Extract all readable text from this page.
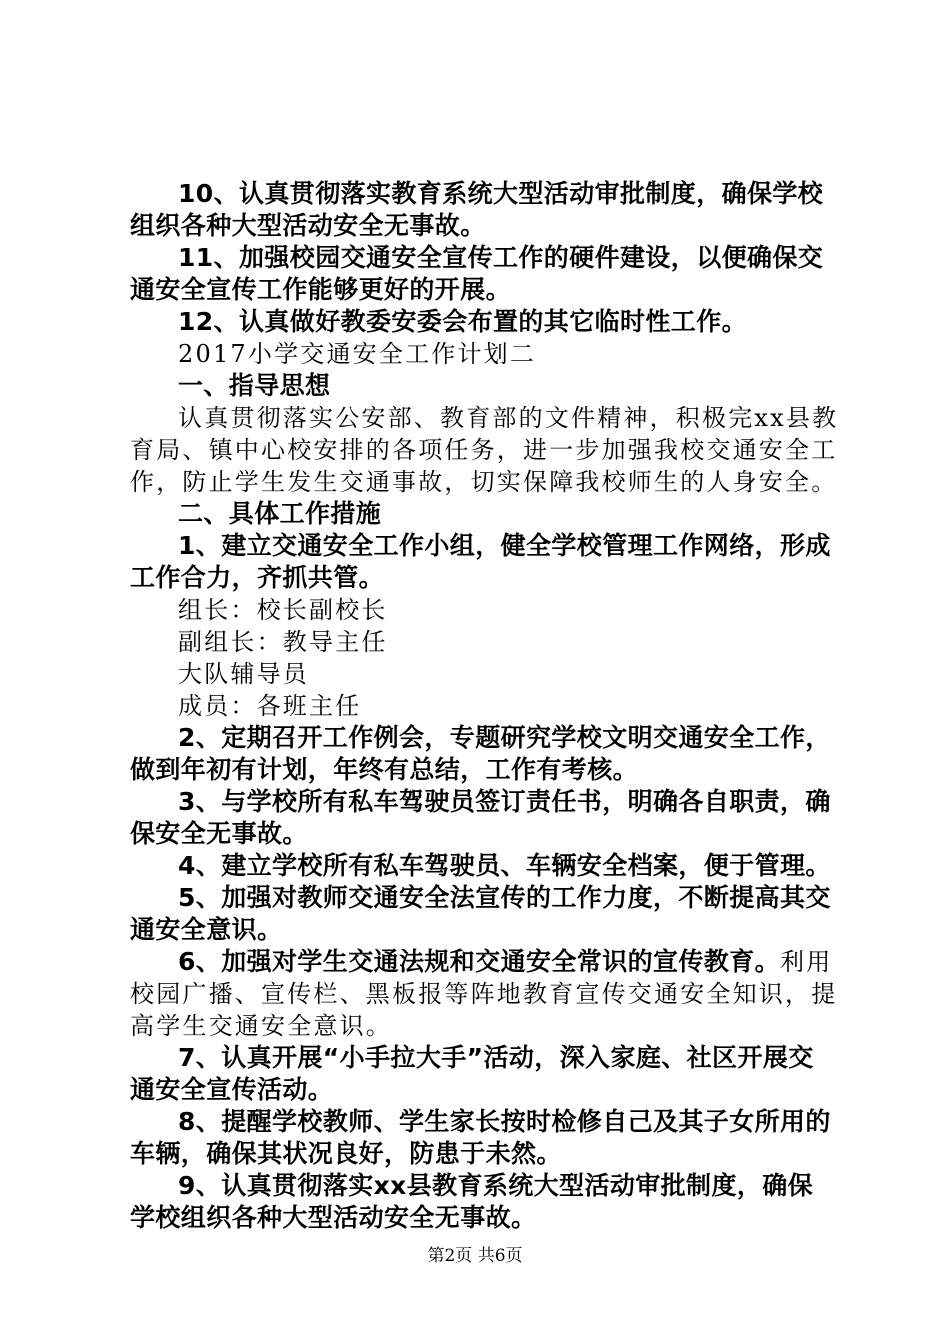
10、认真贯彻落实教育系统大型活动审批制度，确保学校

组织各种大型活动安全无事故。

11、加强校园交通安全宣传工作的硬件建设，以便确保交

通安全宣传工作能够更好的开展。

12、认真做好教委安委会布置的其它临时性工作。

2017小学交通安全工作计划二

一、指导思想

认真贯彻落实公安部、教育部的文件精神，积极完xx县教

育局、镇中心校安排的各项任务，进一步加强我校交通安全工

作，防止学生发生交通事故，切实保障我校师生的人身安全。

二、具体工作措施

1、建立交通安全工作小组，健全学校管理工作网络，形成

工作合力，齐抓共管。

组长：校长副校长

副组长：教导主任

大队辅导员

成员：各班主任

2、定期召开工作例会，专题研究学校文明交通安全工作，

做到年初有计划，年终有总结，工作有考核。

3、与学校所有私车驾驶员签订责任书，明确各自职责，确

保安全无事故。

4、建立学校所有私车驾驶员、车辆安全档案，便于管理。

5、加强对教师交通安全法宣传的工作力度，不断提高其交

通安全意识。

6、加强对学生交通法规和交通安全常识的宣传教育。利用

校园广播、宣传栏、黑板报等阵地教育宣传交通安全知识，提

高学生交通安全意识。

7、认真开展“小手拉大手”活动，深入家庭、社区开展交

通安全宣传活动。

8、提醒学校教师、学生家长按时检修自己及其子女所用的

车辆，确保其状况良好，防患于未然。

9、认真贯彻落实xx县教育系统大型活动审批制度，确保

学校组织各种大型活动安全无事故。

第2页 共6页
